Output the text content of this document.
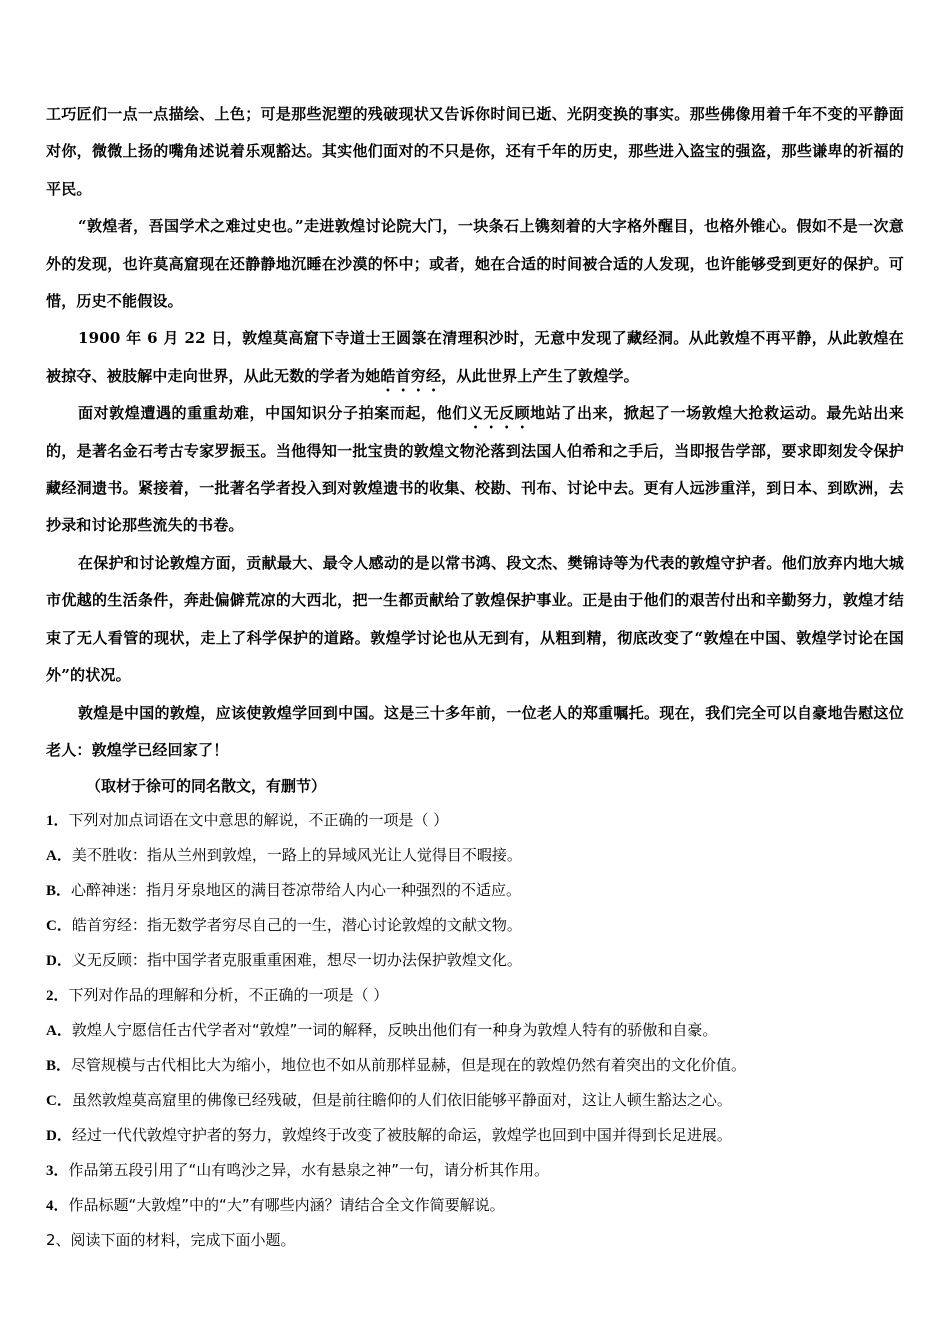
工巧匠们一点一点描绘、上色；可是那些泥塑的残破现状又告诉你时间已逝、光阴变换的事实。那些佛像用着千年不变的平静面对你，微微上扬的嘴角述说着乐观豁达。其实他们面对的不只是你，还有千年的历史，那些进入盗宝的强盗，那些谦卑的祈福的平民。

“敦煌者，吾国学术之难过史也。”走进敦煌讨论院大门，一块条石上镌刻着的大字格外醒目，也格外锥心。假如不是一次意外的发现，也许莫高窟现在还静静地沉睡在沙漠的怀中；或者，她在合适的时间被合适的人发现，也许能够受到更好的保护。可惜，历史不能假设。

1900 年 6 月 22 日，敦煌莫高窟下寺道士王圆箓在清理积沙时，无意中发现了藏经洞。从此敦煌不再平静，从此敦煌在被掠夺、被肢解中走向世界，从此无数的学者为她皓首穷经，从此世界上产生了敦煌学。

面对敦煌遭遇的重重劫难，中国知识分子拍案而起，他们义无反顾地站了出来，掀起了一场敦煌大抢救运动。最先站出来的，是著名金石考古专家罗振玉。当他得知一批宝贵的敦煌文物沦落到法国人伯希和之手后，当即报告学部，要求即刻发令保护藏经洞遗书。紧接着，一批著名学者投入到对敦煌遗书的收集、校勘、刊布、讨论中去。更有人远涉重洋，到日本、到欧洲，去抄录和讨论那些流失的书卷。

在保护和讨论敦煌方面，贡献最大、最令人感动的是以常书鸿、段文杰、樊锦诗等为代表的敦煌守护者。他们放弃内地大城市优越的生活条件，奔赴偏僻荒凉的大西北，把一生都贡献给了敦煌保护事业。正是由于他们的艰苦付出和辛勤努力，敦煌才结束了无人看管的现状，走上了科学保护的道路。敦煌学讨论也从无到有，从粗到精，彻底改变了“敦煌在中国、敦煌学讨论在国外”的状况。

敦煌是中国的敦煌，应该使敦煌学回到中国。这是三十多年前，一位老人的郑重嘱托。现在，我们完全可以自豪地告慰这位老人：敦煌学已经回家了！

（取材于徐可的同名散文，有删节）

1．下列对加点词语在文中意思的解说，不正确的一项是（ ）

A．美不胜收：指从兰州到敦煌，一路上的异域风光让人觉得目不暇接。

B．心醉神迷：指月牙泉地区的满目苍凉带给人内心一种强烈的不适应。

C．皓首穷经：指无数学者穷尽自己的一生，潜心讨论敦煌的文献文物。

D．义无反顾：指中国学者克服重重困难，想尽一切办法保护敦煌文化。

2．下列对作品的理解和分析，不正确的一项是（ ）

A．敦煌人宁愿信任古代学者对“敦煌”一词的解释，反映出他们有一种身为敦煌人特有的骄傲和自豪。

B．尽管规模与古代相比大为缩小，地位也不如从前那样显赫，但是现在的敦煌仍然有着突出的文化价值。

C．虽然敦煌莫高窟里的佛像已经残破，但是前往瞻仰的人们依旧能够平静面对，这让人顿生豁达之心。

D．经过一代代敦煌守护者的努力，敦煌终于改变了被肢解的命运，敦煌学也回到中国并得到长足进展。

3．作品第五段引用了“山有鸣沙之异，水有悬泉之神”一句，请分析其作用。

4．作品标题“大敦煌”中的“大”有哪些内涵？请结合全文作简要解说。

2、阅读下面的材料，完成下面小题。
